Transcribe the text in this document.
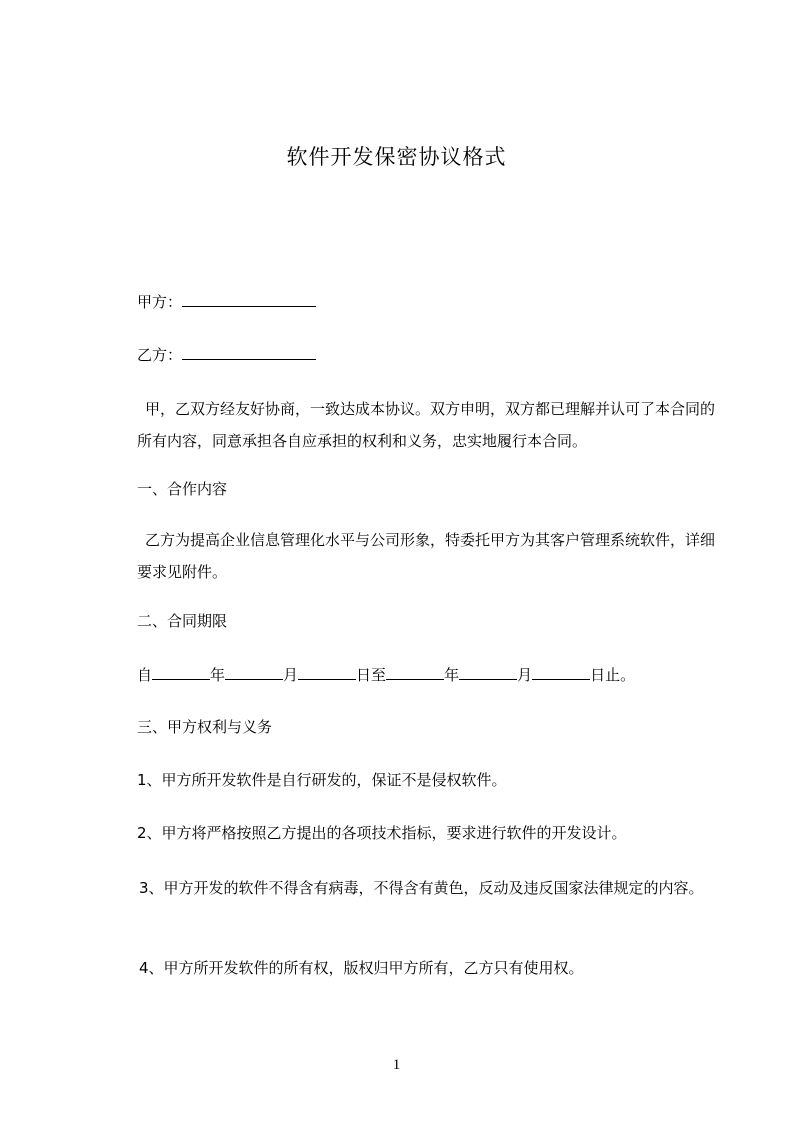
软件开发保密协议格式
甲方：
乙方：
甲，乙双方经友好协商，一致达成本协议。双方申明，双方都已理解并认可了本合同的所有内容，同意承担各自应承担的权利和义务，忠实地履行本合同。
一、合作内容
乙方为提高企业信息管理化水平与公司形象，特委托甲方为其客户管理系统软件，详细要求见附件。
二、合同期限
自	年	月	日至	年	月	日止。
三、甲方权利与义务
1、甲方所开发软件是自行研发的，保证不是侵权软件。
2、甲方将严格按照乙方提出的各项技术指标，要求进行软件的开发设计。
3、甲方开发的软件不得含有病毒，不得含有黄色，反动及违反国家法律规定的内容。
4、甲方所开发软件的所有权，版权归甲方所有，乙方只有使用权。
1
